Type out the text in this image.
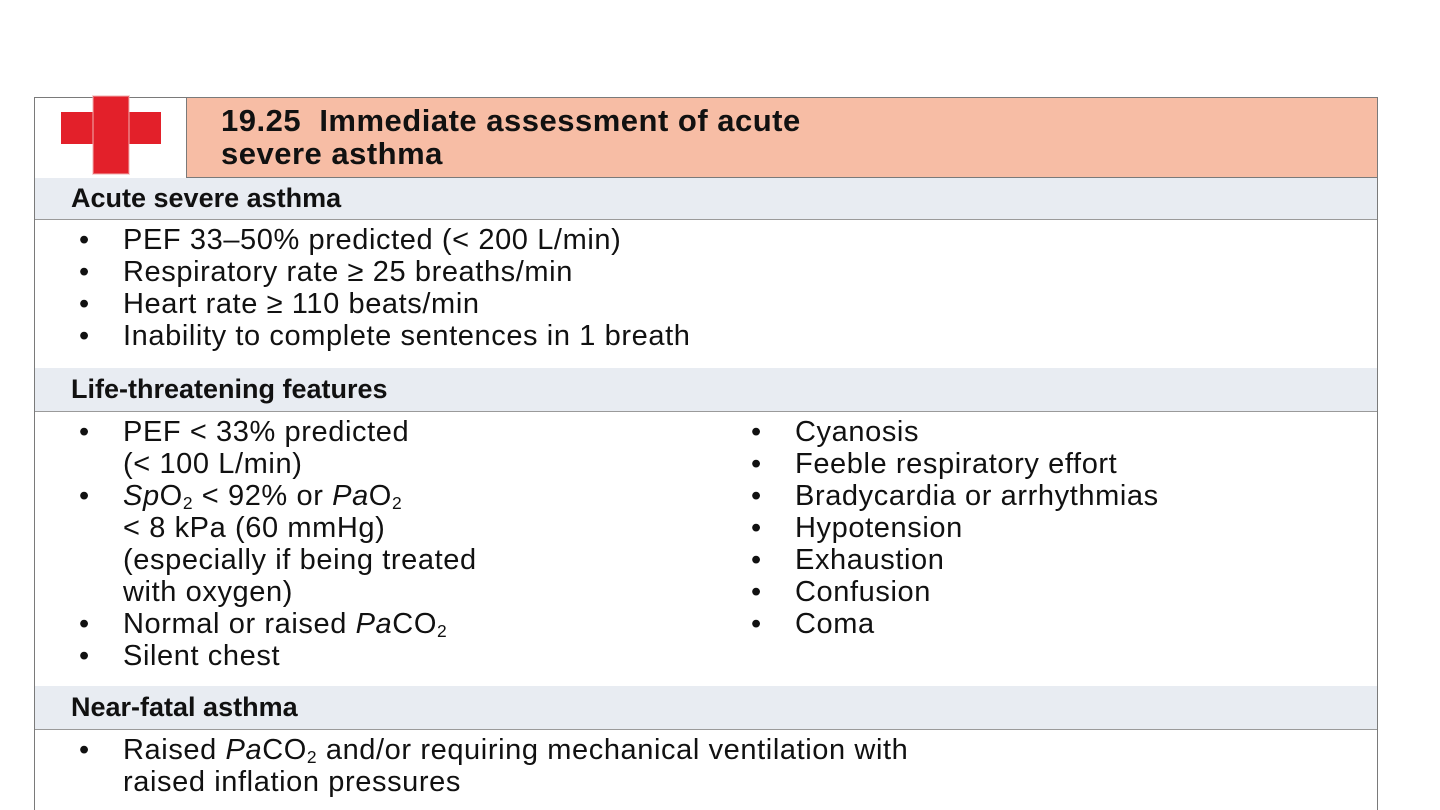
19.25 Immediate assessment of acute
severe asthma
Acute severe asthma
• PEF 33–50% predicted (< 200 L/min)
• Respiratory rate ≥ 25 breaths/min
• Heart rate ≥ 110 beats/min
• Inability to complete sentences in 1 breath
Life-threatening features
• PEF < 33% predicted
(< 100 L/min)
• SpO$_2$ < 92% or PaO$_2$
< 8 kPa (60 mmHg)
(especially if being treated
with oxygen)
• Normal or raised PaCO$_2$
• Silent chest
• Cyanosis
• Feeble respiratory effort
• Bradycardia or arrhythmias
• Hypotension
• Exhaustion
• Confusion
• Coma
Near-fatal asthma
• Raised PaCO$_2$ and/or requiring mechanical ventilation with
raised inflation pressures
